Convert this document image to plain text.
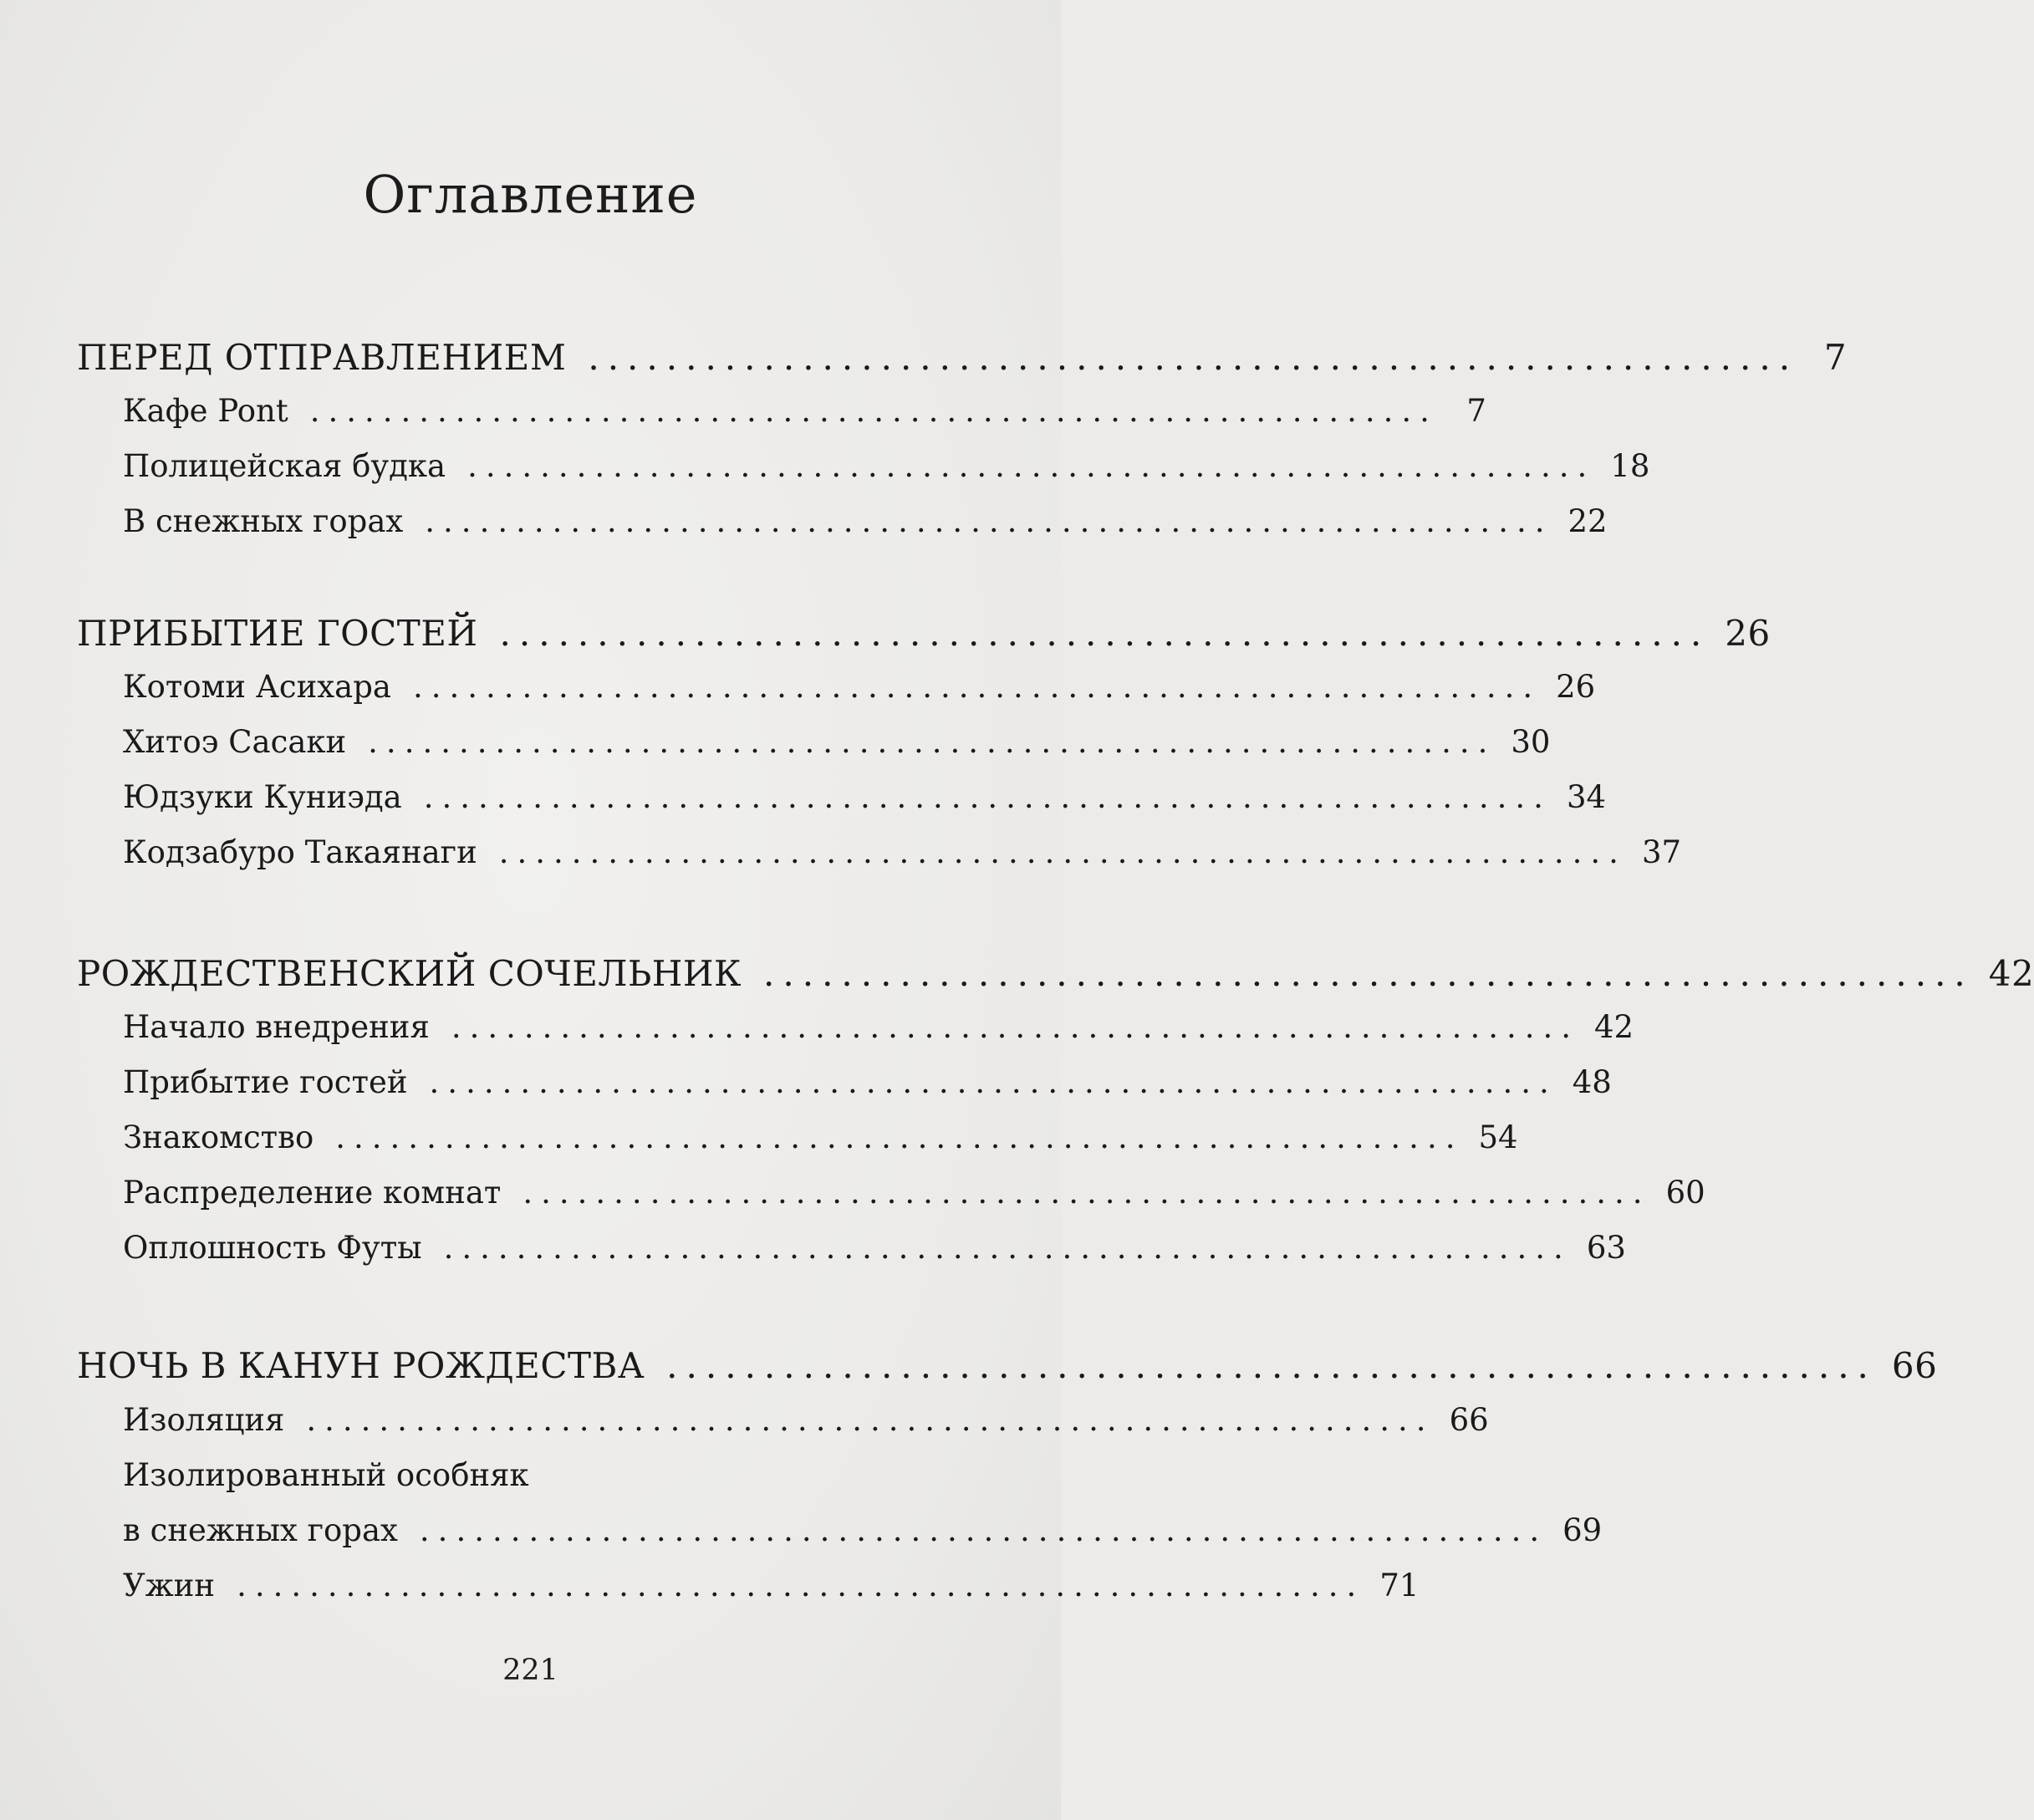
Оглавление
ПЕРЕД ОТПРАВЛЕНИЕМ .............................................................. 7
Кафе Pont .............................................................. 7
Полицейская будка .............................................................. 18
В снежных горах .............................................................. 22
ПРИБЫТИЕ ГОСТЕЙ .............................................................. 26
Котоми Асихара .............................................................. 26
Хитоэ Сасаки .............................................................. 30
Юдзуки Куниэда .............................................................. 34
Кодзабуро Такаянаги .............................................................. 37
РОЖДЕСТВЕНСКИЙ СОЧЕЛЬНИК .............................................................. 42
Начало внедрения .............................................................. 42
Прибытие гостей .............................................................. 48
Знакомство .............................................................. 54
Распределение комнат .............................................................. 60
Оплошность Футы .............................................................. 63
НОЧЬ В КАНУН РОЖДЕСТВА .............................................................. 66
Изоляция .............................................................. 66
Изолированный особняк
в снежных горах .............................................................. 69
Ужин .............................................................. 71
221
